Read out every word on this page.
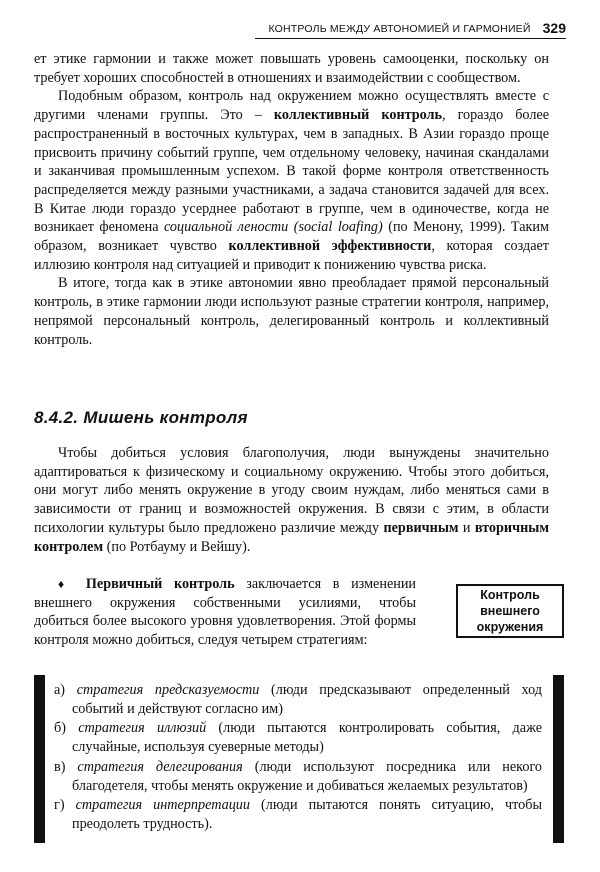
КОНТРОЛЬ МЕЖДУ АВТОНОМИЕЙ И ГАРМОНИЕЙ 329

ет этике гармонии и также может повышать уровень самооценки, поскольку он требует хороших способностей в отношениях и взаимодействии с сообществом.

Подобным образом, контроль над окружением можно осуществлять вместе с другими членами группы. Это – коллективный контроль, гораздо более распространенный в восточных культурах, чем в западных. В Азии гораздо проще присвоить причину событий группе, чем отдельному человеку, начиная скандалами и заканчивая промышленным успехом. В такой форме контроля ответственность распределяется между разными участниками, а задача становится задачей для всех. В Китае люди гораздо усерднее работают в группе, чем в одиночестве, когда не возникает феномена социальной лености (social loafing) (по Менону, 1999). Таким образом, возникает чувство коллективной эффективности, которая создает иллюзию контроля над ситуацией и приводит к понижению чувства риска.

В итоге, тогда как в этике автономии явно преобладает прямой персональный контроль, в этике гармонии люди используют разные стратегии контроля, например, непрямой персональный контроль, делегированный контроль и коллективный контроль.

8.4.2. Мишень контроля

Чтобы добиться условия благополучия, люди вынуждены значительно адаптироваться к физическому и социальному окружению. Чтобы этого добиться, они могут либо менять окружение в угоду своим нуждам, либо меняться сами в зависимости от границ и возможностей окружения. В связи с этим, в области психологии культуры было предложено различие между первичным и вторичным контролем (по Ротбауму и Вейшу).

♦ Первичный контроль заключается в изменении внешнего окружения собственными усилиями, чтобы добиться более высокого уровня удовлетворения. Этой формы контроля можно добиться, следуя четырем стратегиям:

Контроль внешнего окружения
а) стратегия предсказуемости (люди предсказывают определенный ход событий и действуют согласно им)
б) стратегия иллюзий (люди пытаются контролировать события, даже случайные, используя суеверные методы)
в) стратегия делегирования (люди используют посредника или некого благодетеля, чтобы менять окружение и добиваться желаемых результатов)
г) стратегия интерпретации (люди пытаются понять ситуацию, чтобы преодолеть трудность).
